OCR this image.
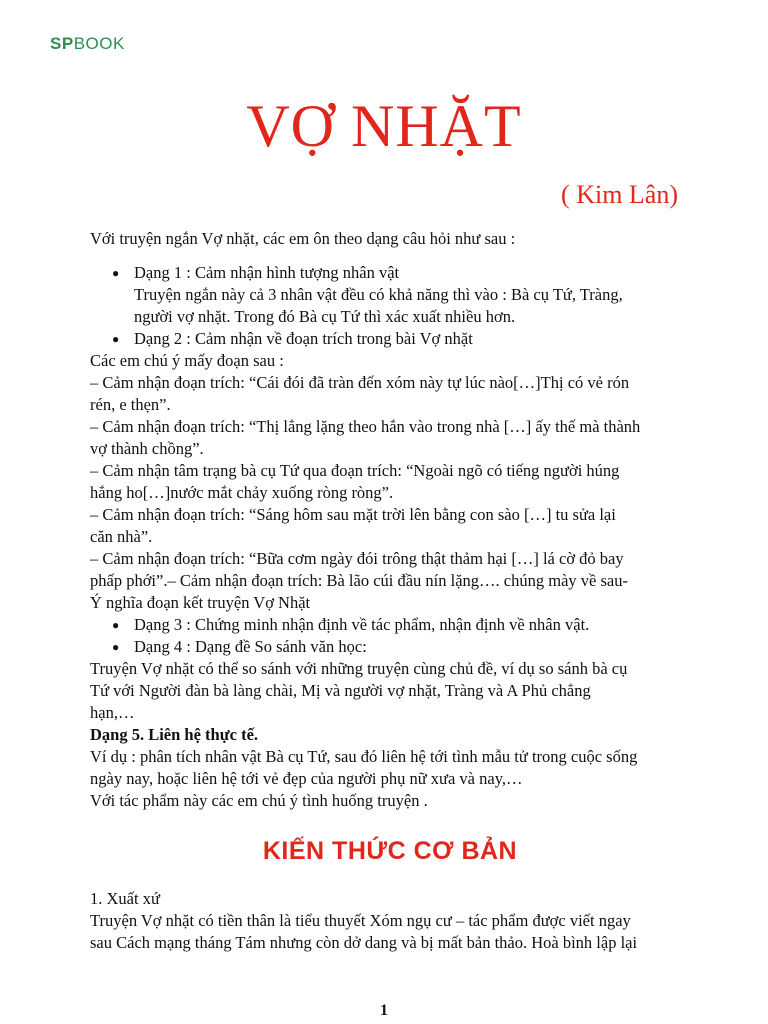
SPBOOK
VỢ NHẶT
( Kim Lân)

Với truyện ngắn Vợ nhặt, các em ôn theo dạng câu hỏi như sau :

● Dạng 1 : Cảm nhận hình tượng nhân vật
Truyện ngắn này cả 3 nhân vật đều có khả năng thì vào : Bà cụ Tứ, Tràng,
người vợ nhặt. Trong đó Bà cụ Tứ thì xác xuất nhiều hơn.
● Dạng 2 : Cảm nhận về đoạn trích trong bài Vợ nhặt

Các em chú ý mấy đoạn sau :

– Cảm nhận đoạn trích: “Cái đói đã tràn đến xóm này tự lúc nào[…]Thị có vẻ rón

rén, e thẹn”.

– Cảm nhận đoạn trích: “Thị lẳng lặng theo hắn vào trong nhà […] ấy thế mà thành

vợ thành chồng”.

– Cảm nhận tâm trạng bà cụ Tứ qua đoạn trích: “Ngoài ngõ có tiếng người húng

hắng ho[…]nước mắt chảy xuống ròng ròng”.

– Cảm nhận đoạn trích: “Sáng hôm sau mặt trời lên bằng con sào […] tu sửa lại

căn nhà”.

– Cảm nhận đoạn trích: “Bữa cơm ngày đói trông thật thảm hại […] lá cờ đỏ bay

phấp phới”.– Cảm nhận đoạn trích: Bà lão cúi đầu nín lặng…. chúng mày về sau-

Ý nghĩa đoạn kết truyện Vợ Nhặt

● Dạng 3 : Chứng minh nhận định về tác phẩm, nhận định về nhân vật.
● Dạng 4 : Dạng đề So sánh văn học:

Truyện Vợ nhặt có thể so sánh với những truyện cùng chủ đề, ví dụ so sánh bà cụ

Tứ với Người đàn bà làng chài, Mị và người vợ nhặt, Tràng và A Phủ chẳng

hạn,…

Dạng 5. Liên hệ thực tế.

Ví dụ : phân tích nhân vật Bà cụ Tứ, sau đó liên hệ tới tình mẫu tử trong cuộc sống

ngày nay, hoặc liên hệ tới vẻ đẹp của người phụ nữ xưa và nay,…

Với tác phẩm này các em chú ý tình huống truyện .

KIẾN THỨC CƠ BẢN

1. Xuất xứ

Truyện Vợ nhặt có tiền thân là tiểu thuyết Xóm ngụ cư – tác phẩm được viết ngay

sau Cách mạng tháng Tám nhưng còn dở dang và bị mất bản thảo. Hoà bình lập lại

1
